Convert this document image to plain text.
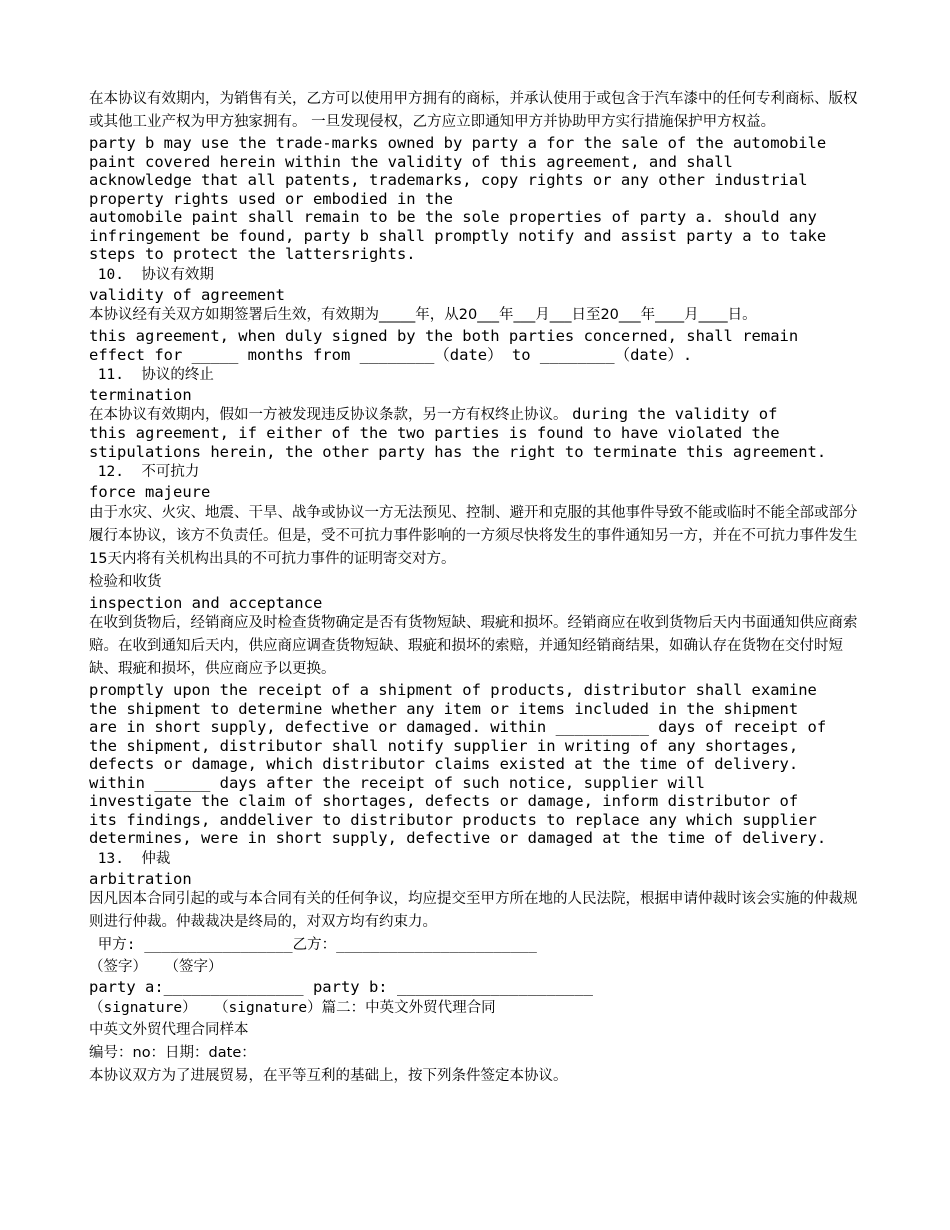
在本协议有效期内，为销售有关，乙方可以使用甲方拥有的商标，并承认使用于或包含于汽车漆中的任何专利商标、版权或其他工业产权为甲方独家拥有。 一旦发现侵权，乙方应立即通知甲方并协助甲方实行措施保护甲方权益。
party b may use the trade-marks owned by party a for the sale of the automobile
paint covered herein within the validity of this agreement, and shall
acknowledge that all patents, trademarks, copy rights or any other industrial
property rights used or embodied in the
automobile paint shall remain to be the sole properties of party a. should any
infringement be found, party b shall promptly notify and assist party a to take
steps to protect the lattersrights.
10.  协议有效期
validity of agreement
本协议经有关双方如期签署后生效，有效期为_____年，从20___年___月___日至20___年____月____日。
this agreement, when duly signed by the both parties concerned, shall remain
effect for _____ months from ________（date） to ________（date）.
11.  协议的终止
termination
在本协议有效期内，假如一方被发现违反协议条款，另一方有权终止协议。 during the validity of
this agreement, if either of the two parties is found to have violated the
stipulations herein, the other party has the right to terminate this agreement.
12.  不可抗力
force majeure
由于水灾、火灾、地震、干旱、战争或协议一方无法预见、控制、避开和克服的其他事件导致不能或临时不能全部或部分履行本协议，该方不负责任。但是，受不可抗力事件影响的一方须尽快将发生的事件通知另一方，并在不可抗力事件发生15天内将有关机构出具的不可抗力事件的证明寄交对方。
检验和收货
inspection and acceptance
在收到货物后，经销商应及时检查货物确定是否有货物短缺、瑕疵和损坏。经销商应在收到货物后天内书面通知供应商索赔。在收到通知后天内，供应商应调查货物短缺、瑕疵和损坏的索赔，并通知经销商结果，如确认存在货物在交付时短缺、瑕疵和损坏，供应商应予以更换。
promptly upon the receipt of a shipment of products, distributor shall examine
the shipment to determine whether any item or items included in the shipment
are in short supply, defective or damaged. within __________ days of receipt of
the shipment, distributor shall notify supplier in writing of any shortages,
defects or damage, which distributor claims existed at the time of delivery.
within ______ days after the receipt of such notice, supplier will
investigate the claim of shortages, defects or damage, inform distributor of
its findings, anddeliver to distributor products to replace any which supplier
determines, were in short supply, defective or damaged at the time of delivery.
13.  仲裁
arbitration
因凡因本合同引起的或与本合同有关的任何争议，均应提交至甲方所在地的人民法院，根据申请仲裁时该会实施的仲裁规则进行仲裁。仲裁裁决是终局的，对双方均有约束力。
甲方: _________________乙方：_______________________
（签字）  （签字）
party a:_______________ party b: _____________________
（signature）  （signature）篇二：中英文外贸代理合同
中英文外贸代理合同样本
编号：no：日期：date：
本协议双方为了进展贸易，在平等互利的基础上，按下列条件签定本协议。
